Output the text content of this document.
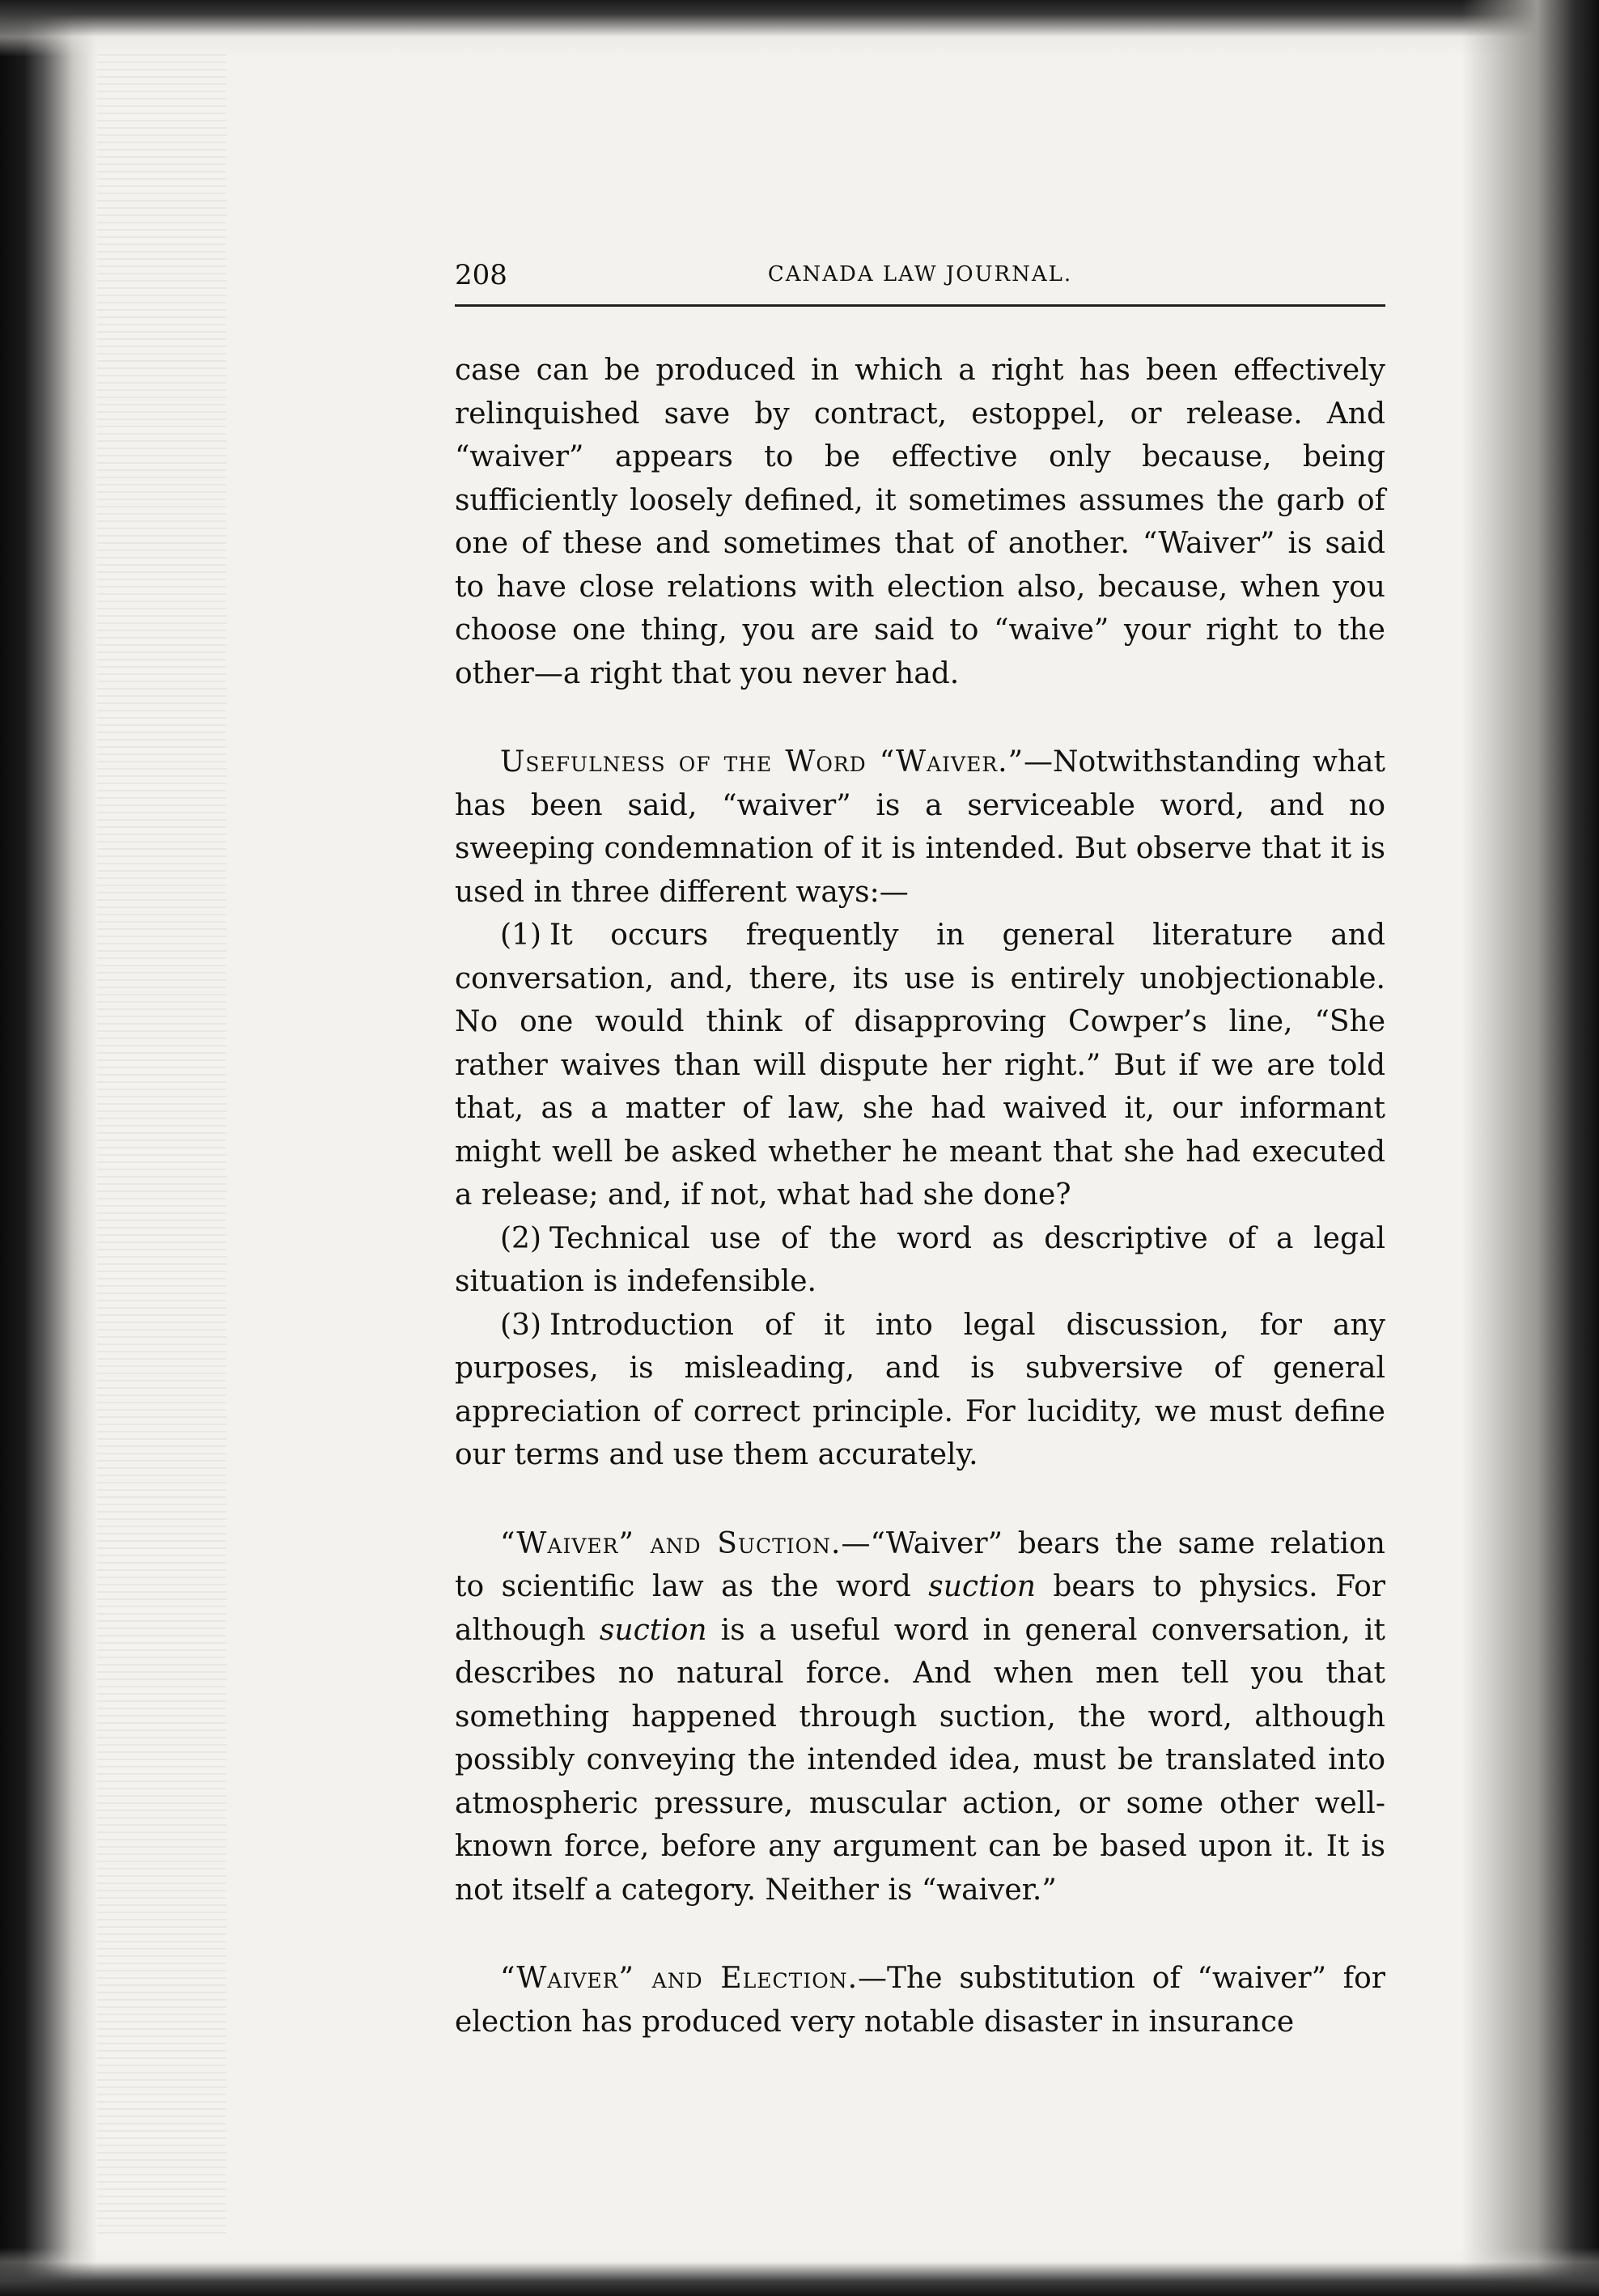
208	CANADA LAW JOURNAL.

case can be produced in which a right has been effectively relinquished save by contract, estoppel, or release. And “waiver” appears to be effective only because, being sufficiently loosely defined, it sometimes assumes the garb of one of these and sometimes that of another. “Waiver” is said to have close relations with election also, because, when you choose one thing, you are said to “waive” your right to the other—a right that you never had.

Usefulness of the Word “Waiver.”—Notwithstanding what has been said, “waiver” is a serviceable word, and no sweeping condemnation of it is intended. But observe that it is used in three different ways:—

(1) It occurs frequently in general literature and conversation, and, there, its use is entirely unobjectionable. No one would think of disapproving Cowper’s line, “She rather waives than will dispute her right.” But if we are told that, as a matter of law, she had waived it, our informant might well be asked whether he meant that she had executed a release; and, if not, what had she done?

(2) Technical use of the word as descriptive of a legal situation is indefensible.

(3) Introduction of it into legal discussion, for any purposes, is misleading, and is subversive of general appreciation of correct principle. For lucidity, we must define our terms and use them accurately.

“Waiver” and Suction.—“Waiver” bears the same relation to scientific law as the word suction bears to physics. For although suction is a useful word in general conversation, it describes no natural force. And when men tell you that something happened through suction, the word, although possibly conveying the intended idea, must be translated into atmospheric pressure, muscular action, or some other well-known force, before any argument can be based upon it. It is not itself a category. Neither is “waiver.”

“Waiver” and Election.—The substitution of “waiver” for election has produced very notable disaster in insurance
